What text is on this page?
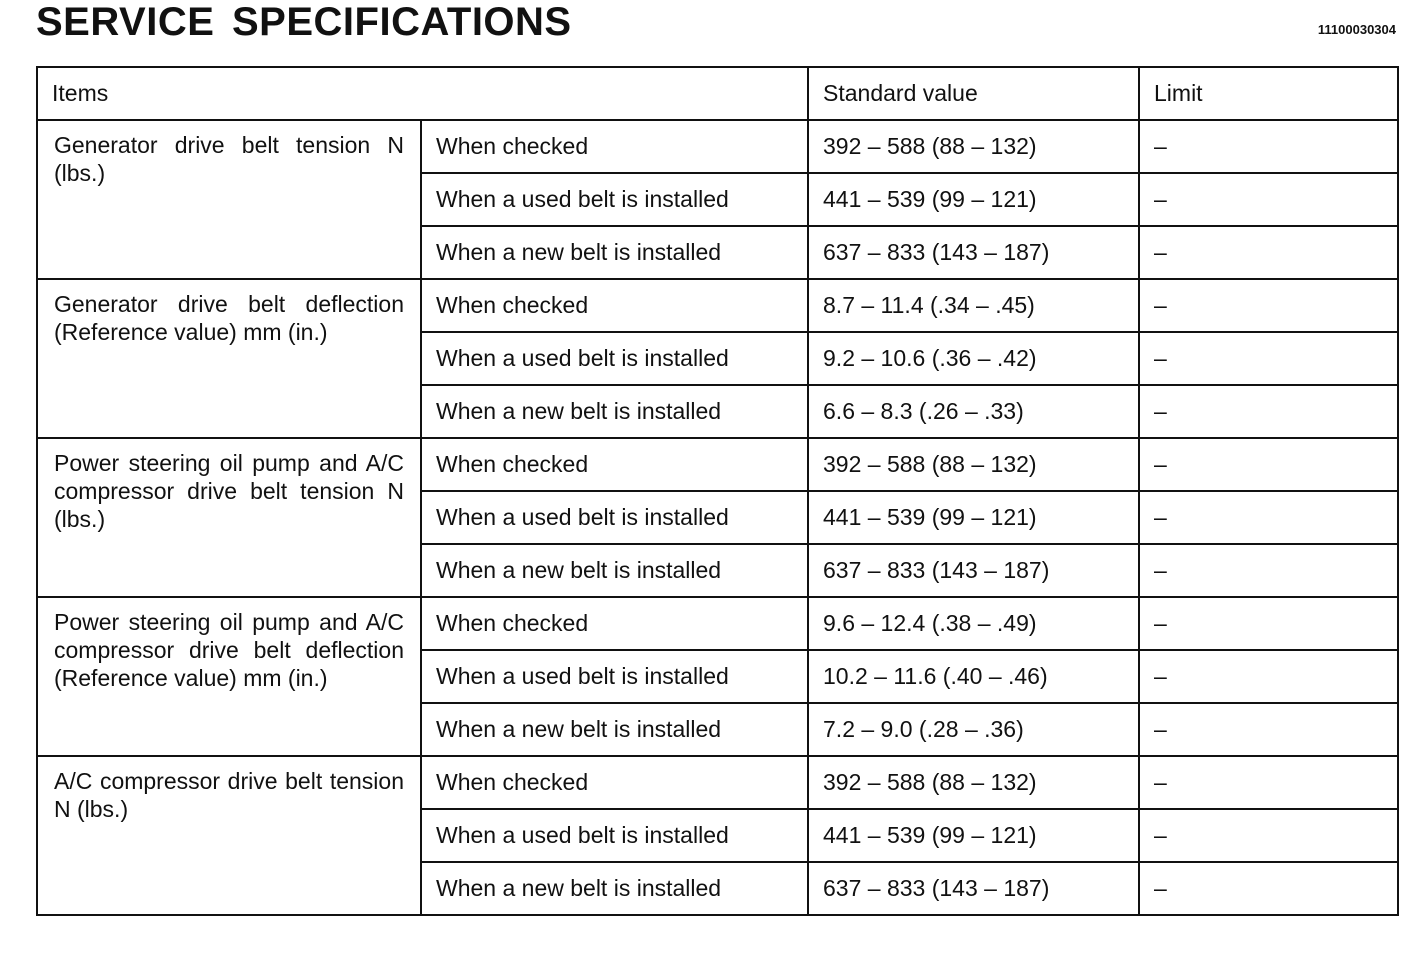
SERVICE SPECIFICATIONS	11100030304
Items		Standard value	Limit
Generator drive belt tension N (lbs.)	When checked	392 – 588 (88 – 132)	–
	When a used belt is installed	441 – 539 (99 – 121)	–
	When a new belt is installed	637 – 833 (143 – 187)	–
Generator drive belt deflection (Reference value) mm (in.)	When checked	8.7 – 11.4 (.34 – .45)	–
	When a used belt is installed	9.2 – 10.6 (.36 – .42)	–
	When a new belt is installed	6.6 – 8.3 (.26 – .33)	–
Power steering oil pump and A/C compressor drive belt tension N (lbs.)	When checked	392 – 588 (88 – 132)	–
	When a used belt is installed	441 – 539 (99 – 121)	–
	When a new belt is installed	637 – 833 (143 – 187)	–
Power steering oil pump and A/C compressor drive belt deflection (Reference value) mm (in.)	When checked	9.6 – 12.4 (.38 – .49)	–
	When a used belt is installed	10.2 – 11.6 (.40 – .46)	–
	When a new belt is installed	7.2 – 9.0 (.28 – .36)	–
A/C compressor drive belt tension N (lbs.)	When checked	392 – 588 (88 – 132)	–
	When a used belt is installed	441 – 539 (99 – 121)	–
	When a new belt is installed	637 – 833 (143 – 187)	–
